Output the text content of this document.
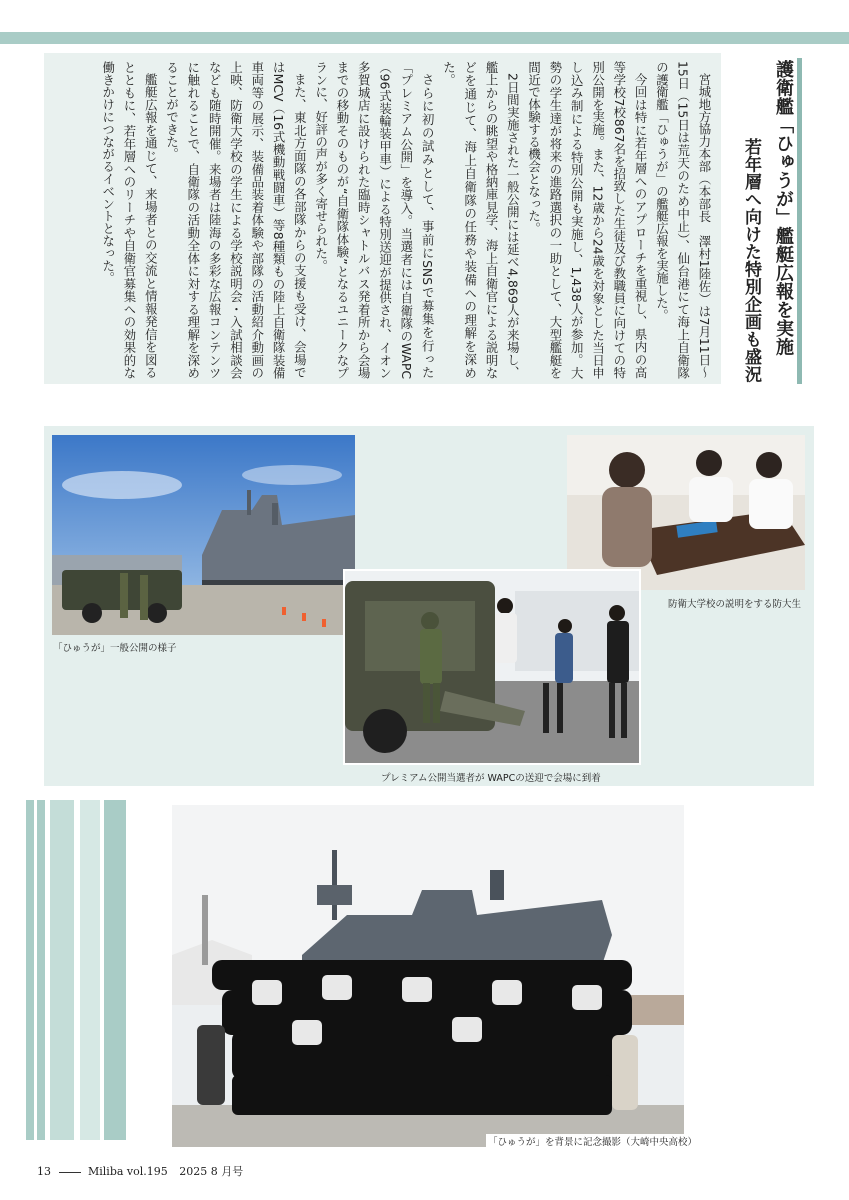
護衛艦「ひゅうが」艦艇広報を実施
若年層へ向けた特別企画も盛況

宮城地方協力本部（本部長　澤村1陸佐）は7月11日〜15日（15日は荒天のため中止）、仙台港にて海上自衛隊の護衛艦「ひゅうが」の艦艇広報を実施した。

今回は特に若年層へのアプローチを重視し、県内の高等学校7校867名を招致した生徒及び教職員に向けての特別公開を実施。また、12歳から24歳を対象とした当日申し込み制による特別公開も実施し、1,438人が参加。大勢の学生達が将来の進路選択の一助として、大型艦艇を間近で体験する機会となった。

2日間実施された一般公開には延べ4,869人が来場し、艦上からの眺望や格納庫見学、海上自衛官による説明などを通じて、海上自衛隊の任務や装備への理解を深めた。

さらに初の試みとして、事前にSNSで募集を行った「プレミアム公開」を導入。当選者には自衛隊のWAPC（96式装輪装甲車）による特別送迎が提供され、イオン多賀城店に設けられた臨時シャトルバス発着所から会場までの移動そのものが“自衛隊体験”となるユニークなプランに、好評の声が多く寄せられた。

また、東北方面隊の各部隊からの支援も受け、会場ではMCV（16式機動戦闘車）等8種類もの陸上自衛隊装備車両等の展示、装備品装着体験や部隊の活動紹介動画の上映、防衛大学校の学生による学校説明会・入試相談会なども随時開催。来場者は陸海の多彩な広報コンテンツに触れることで、自衛隊の活動全体に対する理解を深めることができた。

艦艇広報を通じて、来場者との交流と情報発信を図るとともに、若年層へのリーチや自衛官募集への効果的な働きかけにつながるイベントとなった。

「ひゅうが」一般公開の様子
防衛大学校の説明をする防大生
プレミアム公開当選者が WAPCの送迎で会場に到着
「ひゅうが」を背景に記念撮影（大崎中央高校）
13	Miliba vol.195 2025 8 月号
